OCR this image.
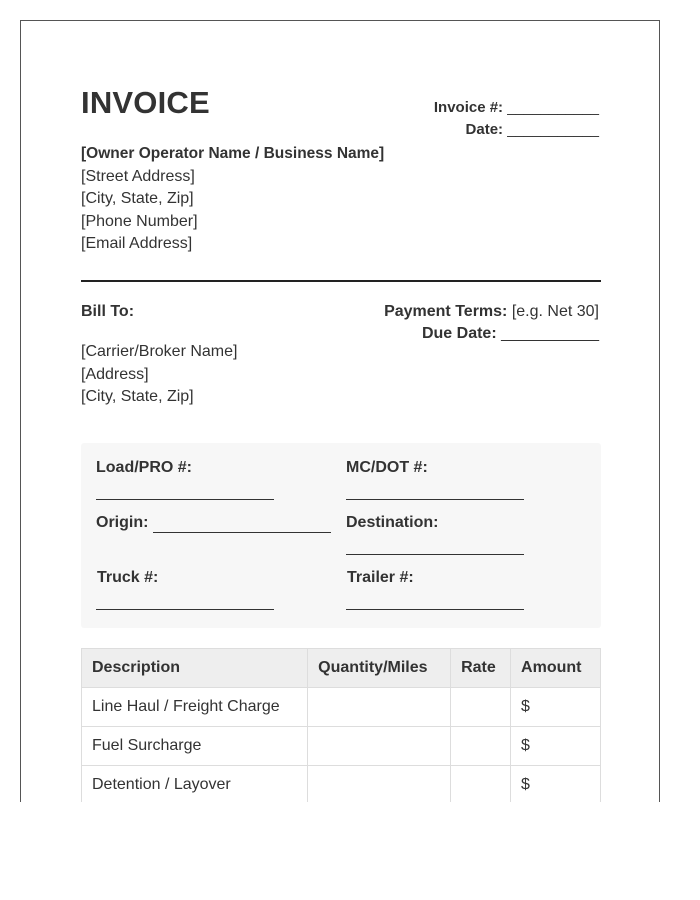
INVOICE	Invoice #: ___________
Date: ___________
[Owner Operator Name / Business Name]
[Street Address]
[City, State, Zip]
[Phone Number]
[Email Address]
Bill To:
[Carrier/Broker Name]
[Address]
[City, State, Zip]
Payment Terms: [e.g. Net 30]
Due Date: ___________
Load/PRO #:	MC/DOT #:
Origin:	Destination:
Truck #:	Trailer #:
Description	Quantity/Miles	Rate	Amount
Line Haul / Freight Charge			$
Fuel Surcharge			$
Detention / Layover			$
